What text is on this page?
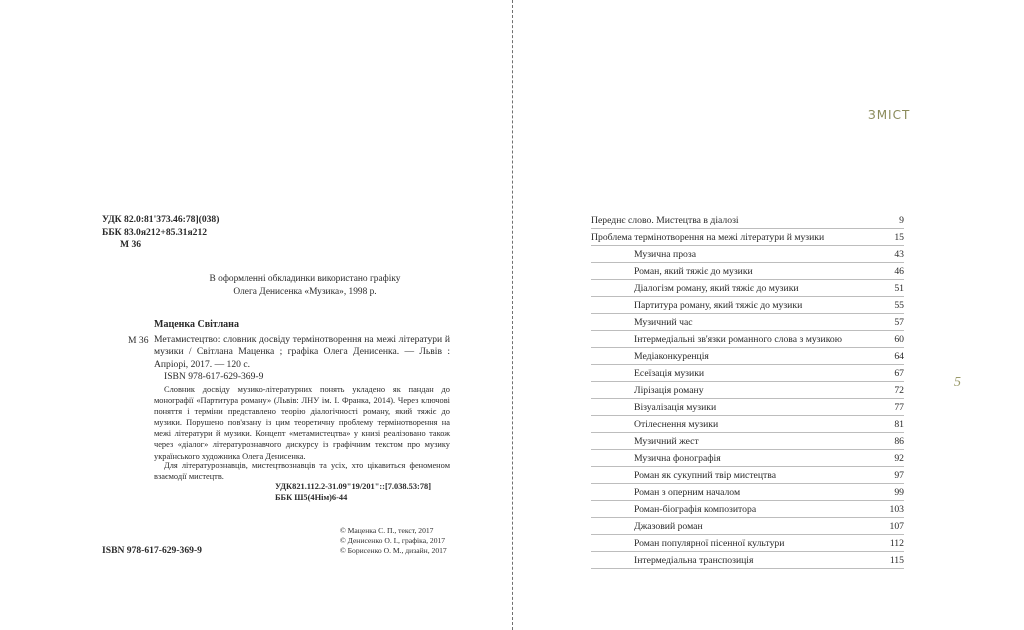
УДК 82.0:81'373.46:78](038)
ББК 83.0я212+85.31я212
М 36
В оформленні обкладинки використано графіку Олега Денисенка «Музика», 1998 р.
Маценка Світлана
М 36 Метамистецтво: словник досвіду термінотворення на межі літератури й музики / Світлана Маценка ; графіка Олега Денисенка. — Львів : Апріорі, 2017. — 120 с.
ISBN 978-617-629-369-9
Словник досвіду музико-літературних понять укладено як пандан до монографії «Партитура роману» (Львів: ЛНУ ім. І. Франка, 2014). Через ключові поняття і терміни представлено теорію діалогічності роману, який тяжіє до музики. Порушено пов'язану із цим теоретичну проблему термінотворення на межі літератури й музики. Концепт «метамистецтва» у книзі реалізовано також через «діалог» літературознавчого дискурсу із графічним текстом про музику українського художника Олега Денисенка.
Для літературознавців, мистецтвознавців та усіх, хто цікавиться феноменом взаємодії мистецтв.
УДК821.112.2-31.09"19/201"::[7.038.53:78]
ББК Ш5(4Нім)6-44
ISBN 978-617-629-369-9
© Маценка С. П., текст, 2017
© Денисенко О. І., графіка, 2017
© Борисенко О. М., дизайн, 2017
ЗМІСТ
Переднє слово. Мистецтва в діалозі	9
Проблема термінотворення на межі літератури й музики	15
Музична проза	43
Роман, який тяжіє до музики	46
Діалогізм роману, який тяжіє до музики	51
Партитура роману, який тяжіє до музики	55
Музичний час	57
Інтермедіальні зв'язки романного слова з музикою	60
Медіаконкуренція	64
Есеїзація музики	67
Лірізація роману	72
Візуалізація музики	77
Отілеснення музики	81
Музичний жест	86
Музична фонографія	92
Роман як сукупний твір мистецтва	97
Роман з оперним началом	99
Роман-біографія композитора	103
Джазовий роман	107
Роман популярної пісенної культури	112
Інтермедіальна транспозиція	115
5
